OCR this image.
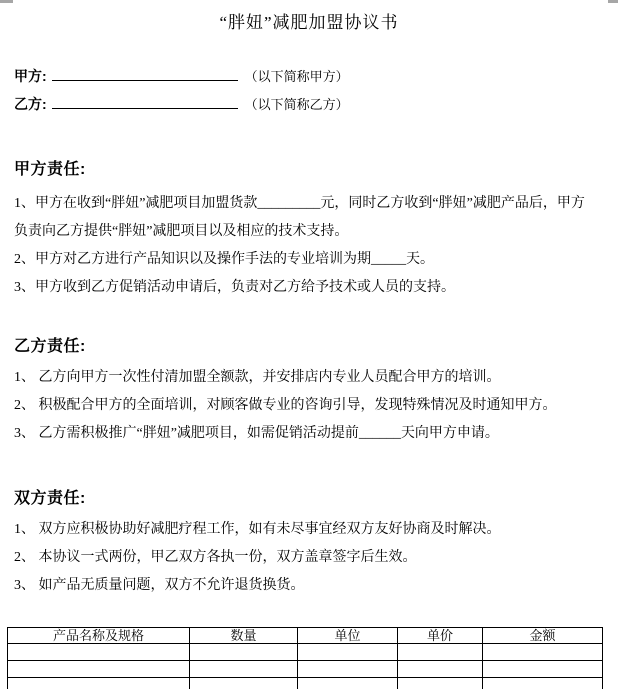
“胖妞”减肥加盟协议书
甲方:	（以下简称甲方）
乙方:	（以下简称乙方）
甲方责任:
1、甲方在收到“胖妞”减肥项目加盟货款_________元，同时乙方收到“胖妞”减肥产品后，甲方负责向乙方提供“胖妞”减肥项目以及相应的技术支持。
2、甲方对乙方进行产品知识以及操作手法的专业培训为期_____天。
3、甲方收到乙方促销活动申请后，负责对乙方给予技术或人员的支持。
乙方责任:
1、 乙方向甲方一次性付清加盟全额款，并安排店内专业人员配合甲方的培训。
2、 积极配合甲方的全面培训，对顾客做专业的咨询引导，发现特殊情况及时通知甲方。
3、 乙方需积极推广“胖妞”减肥项目，如需促销活动提前______天向甲方申请。
双方责任:
1、 双方应积极协助好减肥疗程工作，如有未尽事宜经双方友好协商及时解决。
2、 本协议一式两份，甲乙双方各执一份，双方盖章签字后生效。
3、 如产品无质量问题，双方不允许退货换货。
产品名称及规格	数量	单位	单价	金额
